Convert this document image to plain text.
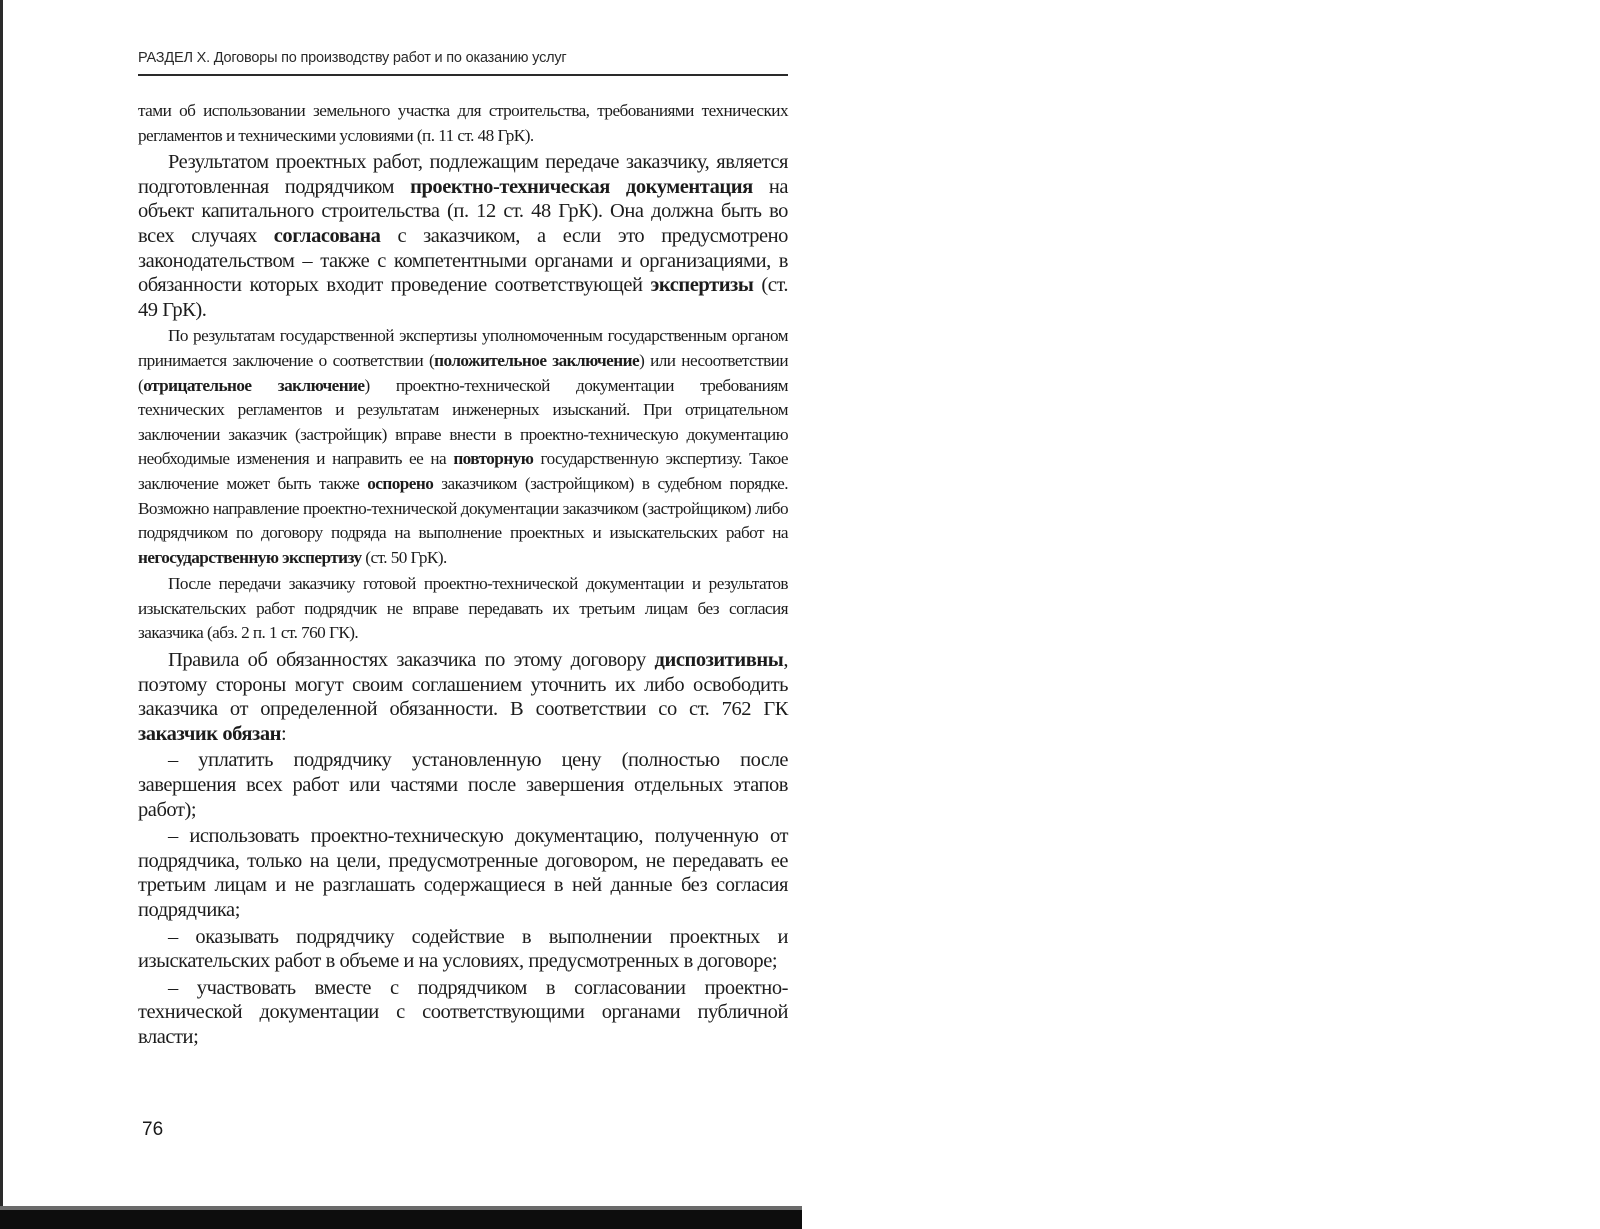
РАЗДЕЛ X. Договоры по производству работ и по оказанию услуг

тами об использовании земельного участка для строительства, требованиями технических регламентов и техническими условиями (п. 11 ст. 48 ГрК).

Результатом проектных работ, подлежащим передаче заказчику, является подготовленная подрядчиком проектно-техническая документация на объект капитального строительства (п. 12 ст. 48 ГрК). Она должна быть во всех случаях согласована с заказчиком, а если это предусмотрено законодательством – также с компетентными органами и организациями, в обязанности которых входит проведение соответствующей экспертизы (ст. 49 ГрК).

По результатам государственной экспертизы уполномоченным государственным органом принимается заключение о соответствии (положительное заключение) или несоответствии (отрицательное заключение) проектно-технической документации требованиям технических регламентов и результатам инженерных изысканий. При отрицательном заключении заказчик (застройщик) вправе внести в проектно-техническую документацию необходимые изменения и направить ее на повторную государственную экспертизу. Такое заключение может быть также оспорено заказчиком (застройщиком) в судебном порядке. Возможно направление проектно-технической документации заказчиком (застройщиком) либо подрядчиком по договору подряда на выполнение проектных и изыскательских работ на негосударственную экспертизу (ст. 50 ГрК).

После передачи заказчику готовой проектно-технической документации и результатов изыскательских работ подрядчик не вправе передавать их третьим лицам без согласия заказчика (абз. 2 п. 1 ст. 760 ГК).

Правила об обязанностях заказчика по этому договору диспозитивны, поэтому стороны могут своим соглашением уточнить их либо освободить заказчика от определенной обязанности. В соответствии со ст. 762 ГК заказчик обязан:

– уплатить подрядчику установленную цену (полностью после завершения всех работ или частями после завершения отдельных этапов работ);

– использовать проектно-техническую документацию, полученную от подрядчика, только на цели, предусмотренные договором, не передавать ее третьим лицам и не разглашать содержащиеся в ней данные без согласия подрядчика;

– оказывать подрядчику содействие в выполнении проектных и изыскательских работ в объеме и на условиях, предусмотренных в договоре;

– участвовать вместе с подрядчиком в согласовании проектно-технической документации с соответствующими органами публичной власти;

76
